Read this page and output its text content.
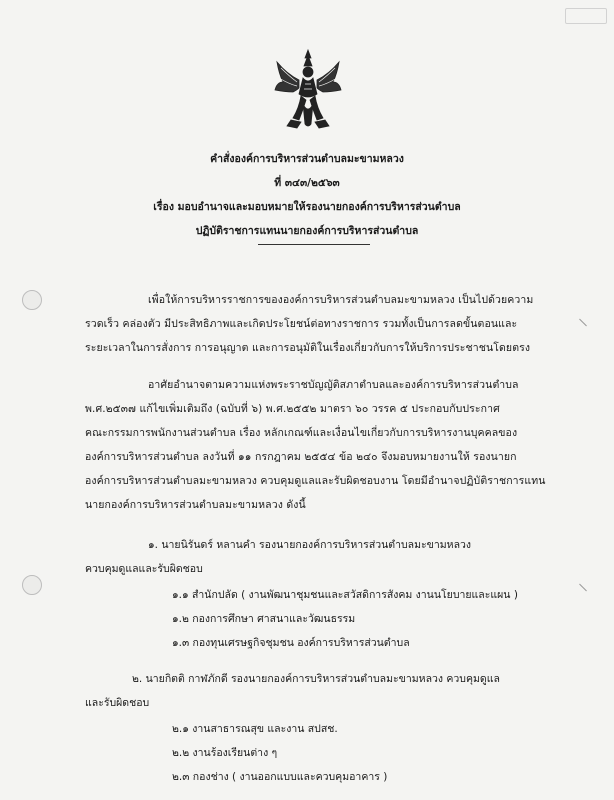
คำสั่งองค์การบริหารส่วนตำบลมะขามหลวง
ที่ ๓๔๓/๒๕๖๓
เรื่อง มอบอำนาจและมอบหมายให้รองนายกองค์การบริหารส่วนตำบล
ปฏิบัติราชการแทนนายกองค์การบริหารส่วนตำบล
เพื่อให้การบริหารราชการขององค์การบริหารส่วนตำบลมะขามหลวง เป็นไปด้วยความ
รวดเร็ว คล่องตัว มีประสิทธิภาพและเกิดประโยชน์ต่อทางราชการ รวมทั้งเป็นการลดขั้นตอนและ
ระยะเวลาในการสั่งการ การอนุญาต และการอนุมัติในเรื่องเกี่ยวกับการให้บริการประชาชนโดยตรง
อาศัยอำนาจตามความแห่งพระราชบัญญัติสภาตำบลและองค์การบริหารส่วนตำบล
พ.ศ.๒๕๓๗ แก้ไขเพิ่มเติมถึง (ฉบับที่ ๖) พ.ศ.๒๕๕๒ มาตรา ๖๐ วรรค ๕ ประกอบกับประกาศ
คณะกรรมการพนักงานส่วนตำบล เรื่อง หลักเกณฑ์และเงื่อนไขเกี่ยวกับการบริหารงานบุคคลของ
องค์การบริหารส่วนตำบล ลงวันที่ ๑๑ กรกฎาคม ๒๕๕๔ ข้อ ๒๔๐ จึงมอบหมายงานให้ รองนายก
องค์การบริหารส่วนตำบลมะขามหลวง ควบคุมดูแลและรับผิดชอบงาน โดยมีอำนาจปฏิบัติราชการแทน
นายกองค์การบริหารส่วนตำบลมะขามหลวง ดังนี้
๑. นายนิรันดร์ หลานคำ รองนายกองค์การบริหารส่วนตำบลมะขามหลวง
ควบคุมดูแลและรับผิดชอบ
๑.๑ สำนักปลัด ( งานพัฒนาชุมชนและสวัสดิการสังคม งานนโยบายและแผน )
๑.๒ กองการศึกษา ศาสนาและวัฒนธรรม
๑.๓ กองทุนเศรษฐกิจชุมชน องค์การบริหารส่วนตำบล
๒. นายกิตติ กาฬภักดี รองนายกองค์การบริหารส่วนตำบลมะขามหลวง ควบคุมดูแล
และรับผิดชอบ
๒.๑ งานสาธารณสุข และงาน สปสช.
๒.๒ งานร้องเรียนต่าง ๆ
๒.๓ กองช่าง ( งานออกแบบและควบคุมอาคาร )
